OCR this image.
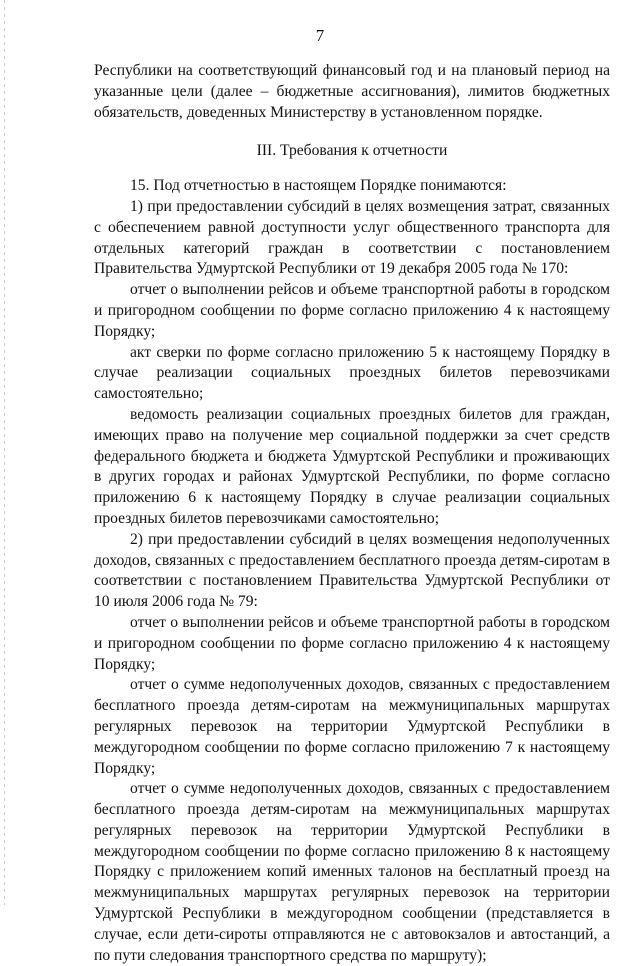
7

Республики на соответствующий финансовый год и на плановый период на указанные цели (далее – бюджетные ассигнования), лимитов бюджетных обязательств, доведенных Министерству в установленном порядке.

III. Требования к отчетности

15. Под отчетностью в настоящем Порядке понимаются:

1) при предоставлении субсидий в целях возмещения затрат, связанных с обеспечением равной доступности услуг общественного транспорта для отдельных категорий граждан в соответствии с постановлением Правительства Удмуртской Республики от 19 декабря 2005 года № 170:

отчет о выполнении рейсов и объеме транспортной работы в городском и пригородном сообщении по форме согласно приложению 4 к настоящему Порядку;

акт сверки по форме согласно приложению 5 к настоящему Порядку в случае реализации социальных проездных билетов перевозчиками самостоятельно;

ведомость реализации социальных проездных билетов для граждан, имеющих право на получение мер социальной поддержки за счет средств федерального бюджета и бюджета Удмуртской Республики и проживающих в других городах и районах Удмуртской Республики, по форме согласно приложению 6 к настоящему Порядку в случае реализации социальных проездных билетов перевозчиками самостоятельно;

2) при предоставлении субсидий в целях возмещения недополученных доходов, связанных с предоставлением бесплатного проезда детям-сиротам в соответствии с постановлением Правительства Удмуртской Республики от 10 июля 2006 года № 79:

отчет о выполнении рейсов и объеме транспортной работы в городском и пригородном сообщении по форме согласно приложению 4 к настоящему Порядку;

отчет о сумме недополученных доходов, связанных с предоставлением бесплатного проезда детям-сиротам на межмуниципальных маршрутах регулярных перевозок на территории Удмуртской Республики в междугородном сообщении по форме согласно приложению 7 к настоящему Порядку;

отчет о сумме недополученных доходов, связанных с предоставлением бесплатного проезда детям-сиротам на межмуниципальных маршрутах регулярных перевозок на территории Удмуртской Республики в междугородном сообщении по форме согласно приложению 8 к настоящему Порядку с приложением копий именных талонов на бесплатный проезд на межмуниципальных маршрутах регулярных перевозок на территории Удмуртской Республики в междугородном сообщении (представляется в случае, если дети-сироты отправляются не с автовокзалов и автостанций, а по пути следования транспортного средства по маршруту);
